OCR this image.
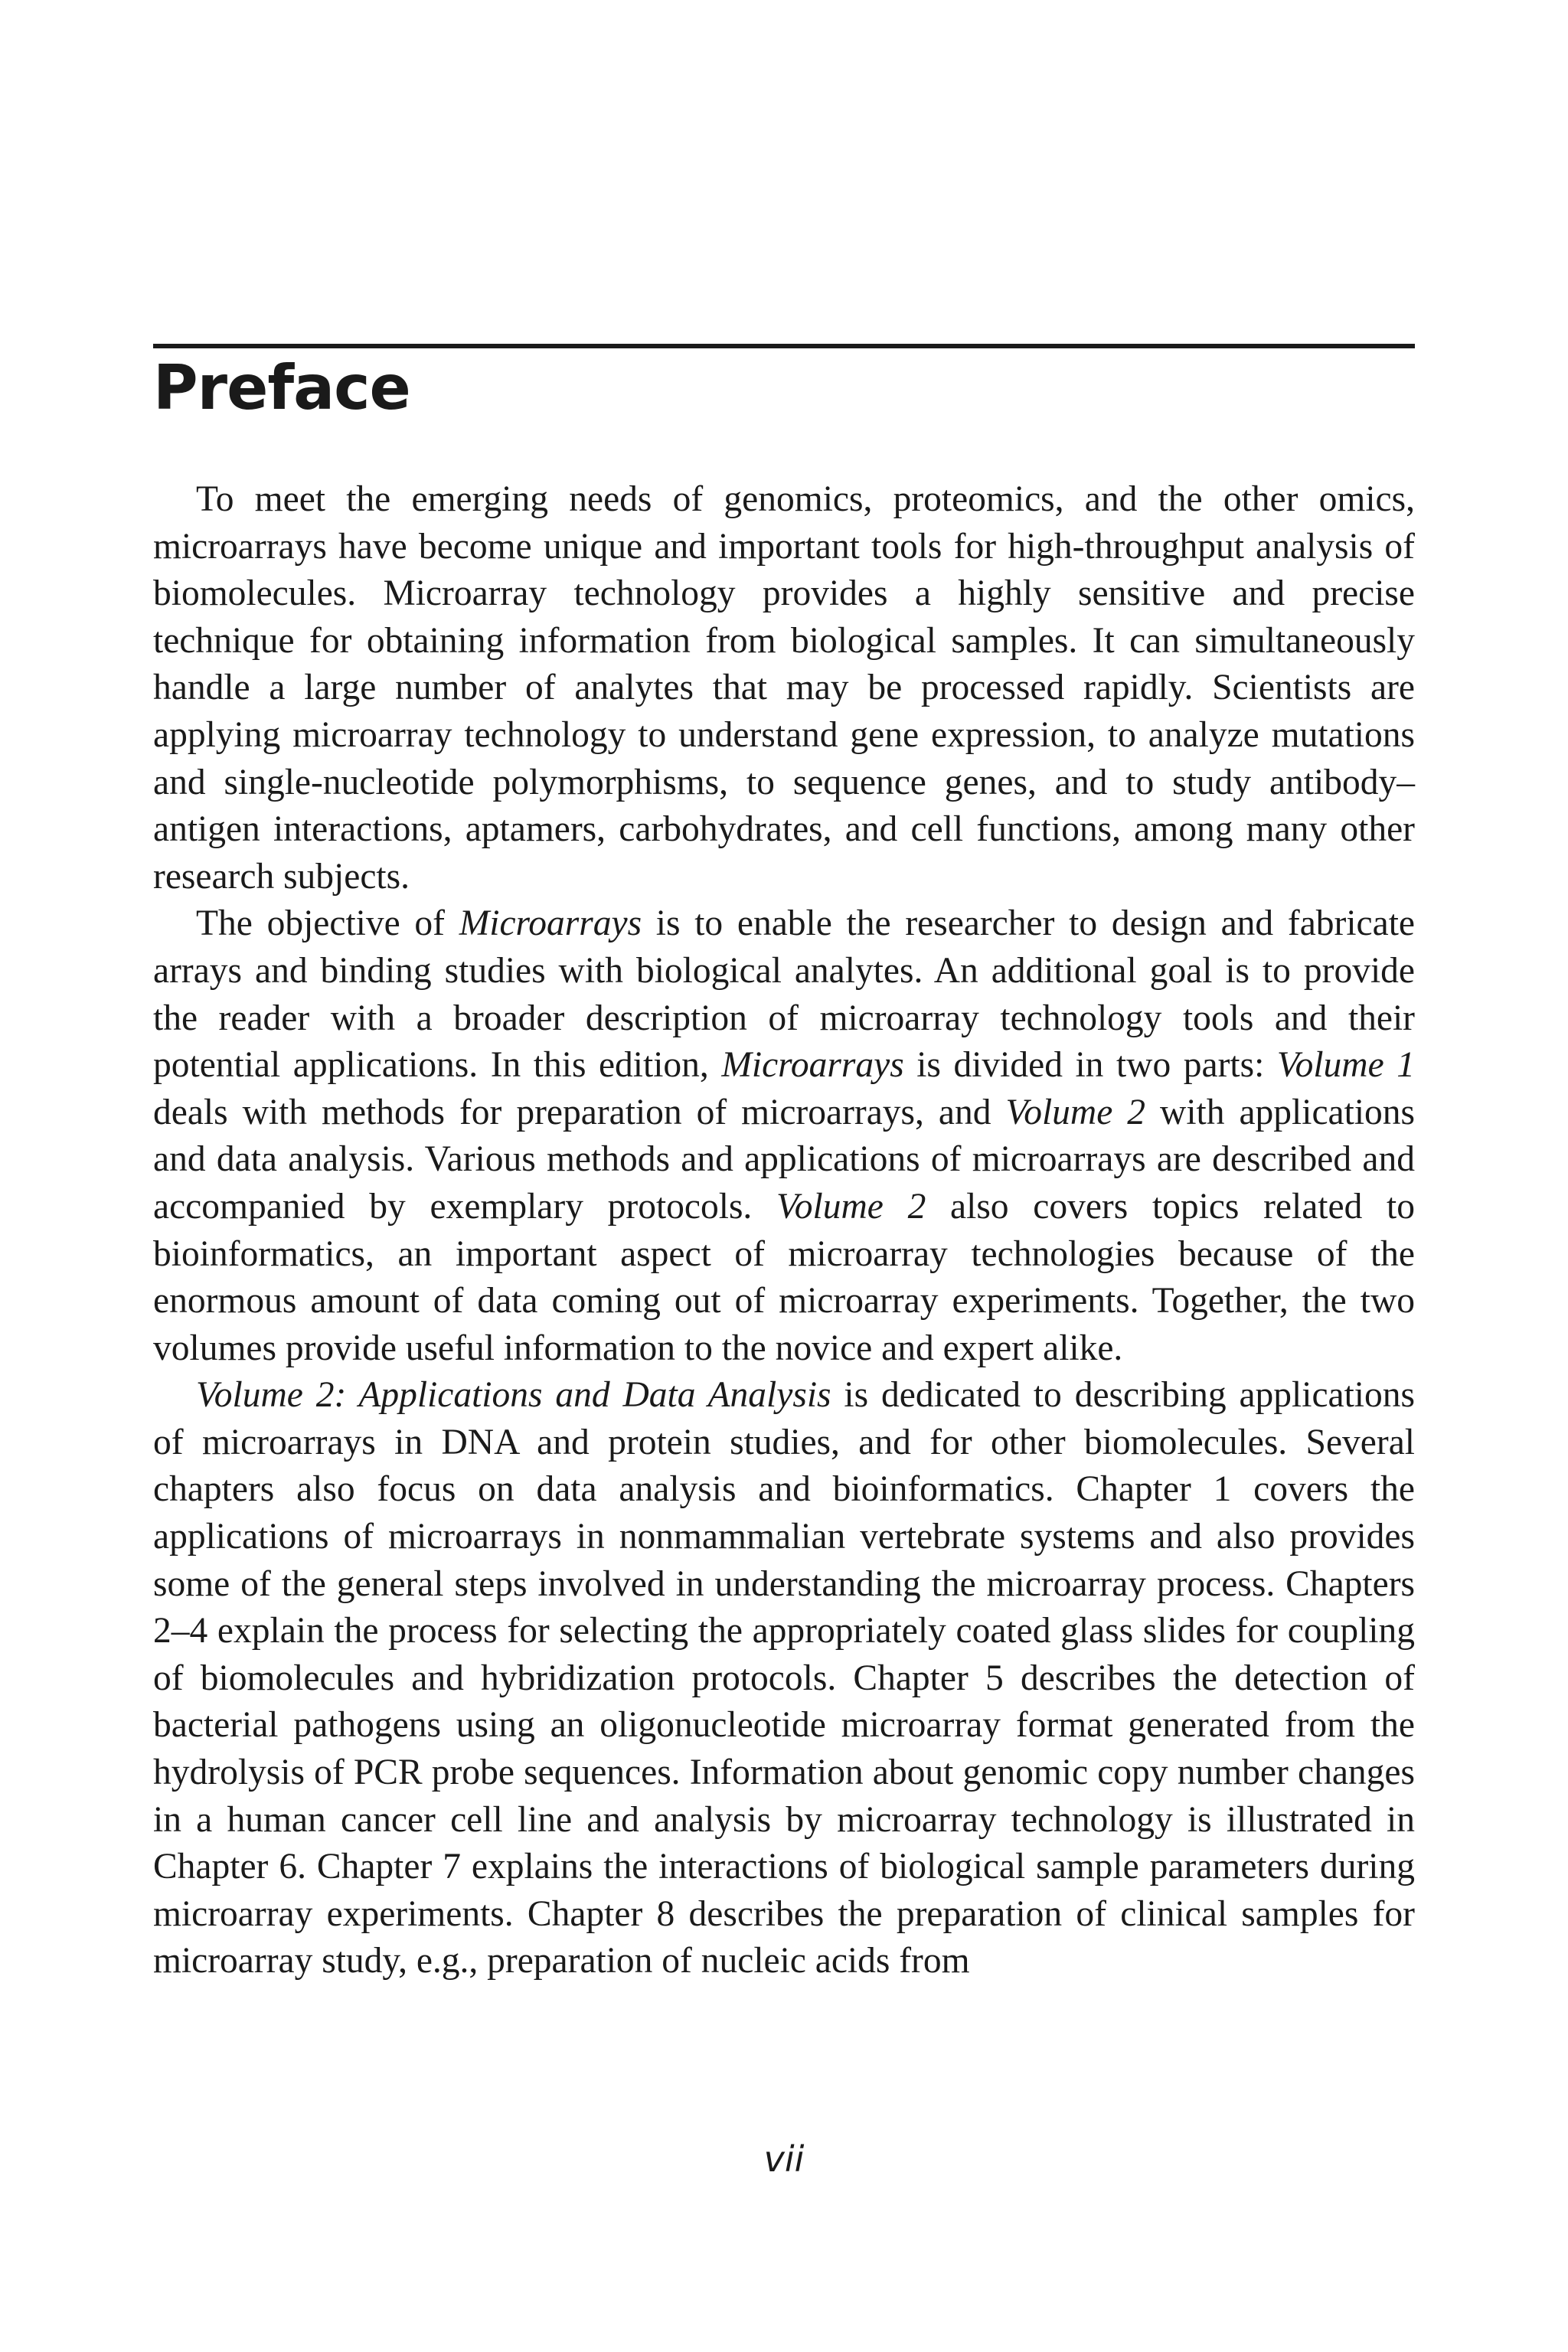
Preface

To meet the emerging needs of genomics, proteomics, and the other omics, microarrays have become unique and important tools for high-throughput analysis of biomolecules. Microarray technology provides a highly sensitive and precise technique for obtaining information from biological samples. It can simultaneously handle a large number of analytes that may be processed rapidly. Scientists are applying microarray technology to understand gene expression, to analyze mutations and single-nucleotide polymorphisms, to sequence genes, and to study antibody–antigen interactions, aptamers, carbohydrates, and cell functions, among many other research subjects.

The objective of Microarrays is to enable the researcher to design and fabricate arrays and binding studies with biological analytes. An additional goal is to provide the reader with a broader description of microarray technology tools and their potential applications. In this edition, Microarrays is divided in two parts: Volume 1 deals with methods for preparation of microarrays, and Volume 2 with applications and data analysis. Various methods and applications of microarrays are described and accompanied by exemplary protocols. Volume 2 also covers topics related to bioinformatics, an important aspect of microarray technologies because of the enormous amount of data coming out of microarray experiments. Together, the two volumes provide useful information to the novice and expert alike.

Volume 2: Applications and Data Analysis is dedicated to describing applications of microarrays in DNA and protein studies, and for other biomolecules. Several chapters also focus on data analysis and bioinformatics. Chapter 1 covers the applications of microarrays in nonmammalian vertebrate systems and also provides some of the general steps involved in understanding the microarray process. Chapters 2–4 explain the process for selecting the appropriately coated glass slides for coupling of biomolecules and hybridization protocols. Chapter 5 describes the detection of bacterial pathogens using an oligonucleotide microarray format generated from the hydrolysis of PCR probe sequences. Information about genomic copy number changes in a human cancer cell line and analysis by microarray technology is illustrated in Chapter 6. Chapter 7 explains the interactions of biological sample parameters during microarray experiments. Chapter 8 describes the preparation of clinical samples for microarray study, e.g., preparation of nucleic acids from

vii
